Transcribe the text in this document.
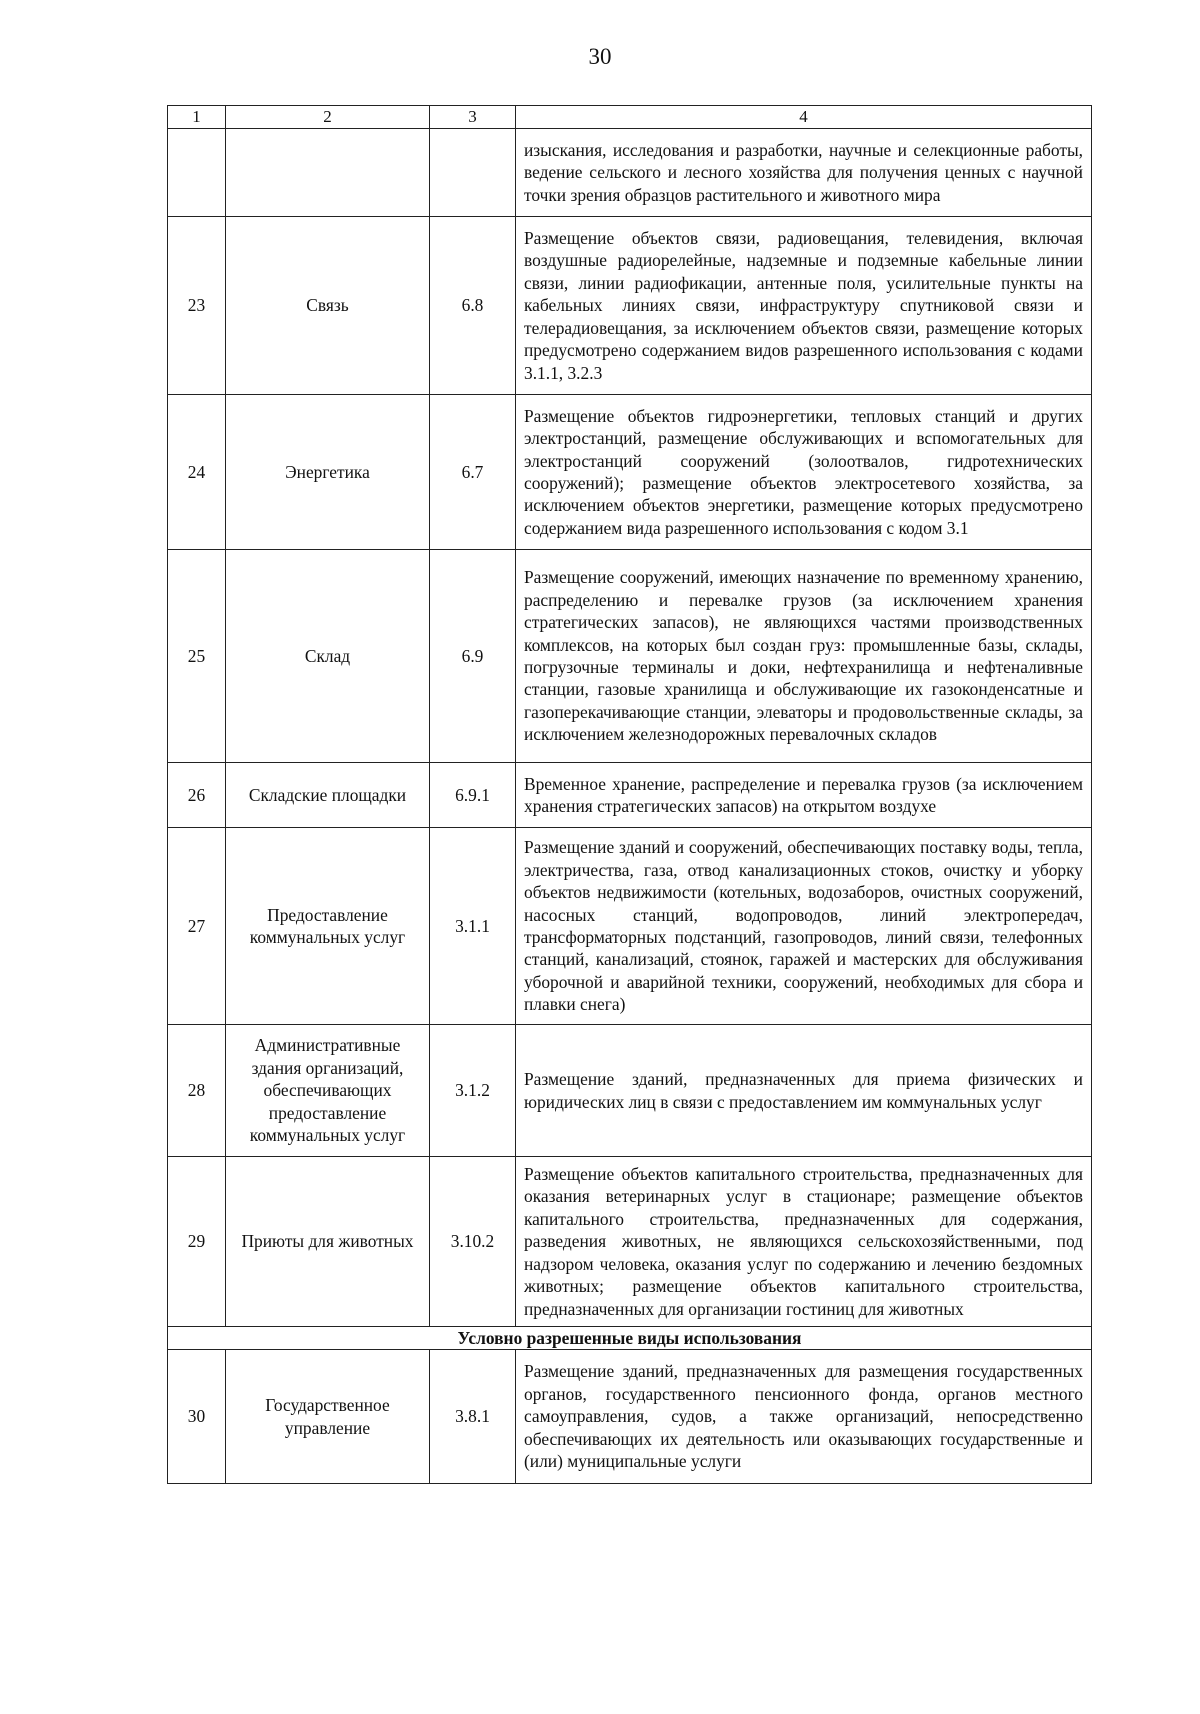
30
1	2	3	4
			изыскания, исследования и разработки, научные и селекционные работы, ведение сельского и лесного хозяйства для получения ценных с научной точки зрения образцов растительного и животного мира
23	Связь	6.8	Размещение объектов связи, радиовещания, телевидения, включая воздушные радиорелейные, надземные и подземные кабельные линии связи, линии радиофикации, антенные поля, усилительные пункты на кабельных линиях связи, инфраструктуру спутниковой связи и телерадиовещания, за исключением объектов связи, размещение которых предусмотрено содержанием видов разрешенного использования с кодами 3.1.1, 3.2.3
24	Энергетика	6.7	Размещение объектов гидроэнергетики, тепловых станций и других электростанций, размещение обслуживающих и вспомогательных для электростанций сооружений (золоотвалов, гидротехнических сооружений); размещение объектов электросетевого хозяйства, за исключением объектов энергетики, размещение которых предусмотрено содержанием вида разрешенного использования с кодом 3.1
25	Склад	6.9	Размещение сооружений, имеющих назначение по временному хранению, распределению и перевалке грузов (за исключением хранения стратегических запасов), не являющихся частями производственных комплексов, на которых был создан груз: промышленные базы, склады, погрузочные терминалы и доки, нефтехранилища и нефтеналивные станции, газовые хранилища и обслуживающие их газоконденсатные и газоперекачивающие станции, элеваторы и продовольственные склады, за исключением железнодорожных перевалочных складов
26	Складские площадки	6.9.1	Временное хранение, распределение и перевалка грузов (за исключением хранения стратегических запасов) на открытом воздухе
27	Предоставление коммунальных услуг	3.1.1	Размещение зданий и сооружений, обеспечивающих поставку воды, тепла, электричества, газа, отвод канализационных стоков, очистку и уборку объектов недвижимости (котельных, водозаборов, очистных сооружений, насосных станций, водопроводов, линий электропередач, трансформаторных подстанций, газопроводов, линий связи, телефонных станций, канализаций, стоянок, гаражей и мастерских для обслуживания уборочной и аварийной техники, сооружений, необходимых для сбора и плавки снега)
28	Административные здания организаций, обеспечивающих предоставление коммунальных услуг	3.1.2	Размещение зданий, предназначенных для приема физических и юридических лиц в связи с предоставлением им коммунальных услуг
29	Приюты для животных	3.10.2	Размещение объектов капитального строительства, предназначенных для оказания ветеринарных услуг в стационаре; размещение объектов капитального строительства, предназначенных для содержания, разведения животных, не являющихся сельскохозяйственными, под надзором человека, оказания услуг по содержанию и лечению бездомных животных; размещение объектов капитального строительства, предназначенных для организации гостиниц для животных
Условно разрешенные виды использования			
30	Государственное управление	3.8.1	Размещение зданий, предназначенных для размещения государственных органов, государственного пенсионного фонда, органов местного самоуправления, судов, а также организаций, непосредственно обеспечивающих их деятельность или оказывающих государственные и (или) муниципальные услуги
